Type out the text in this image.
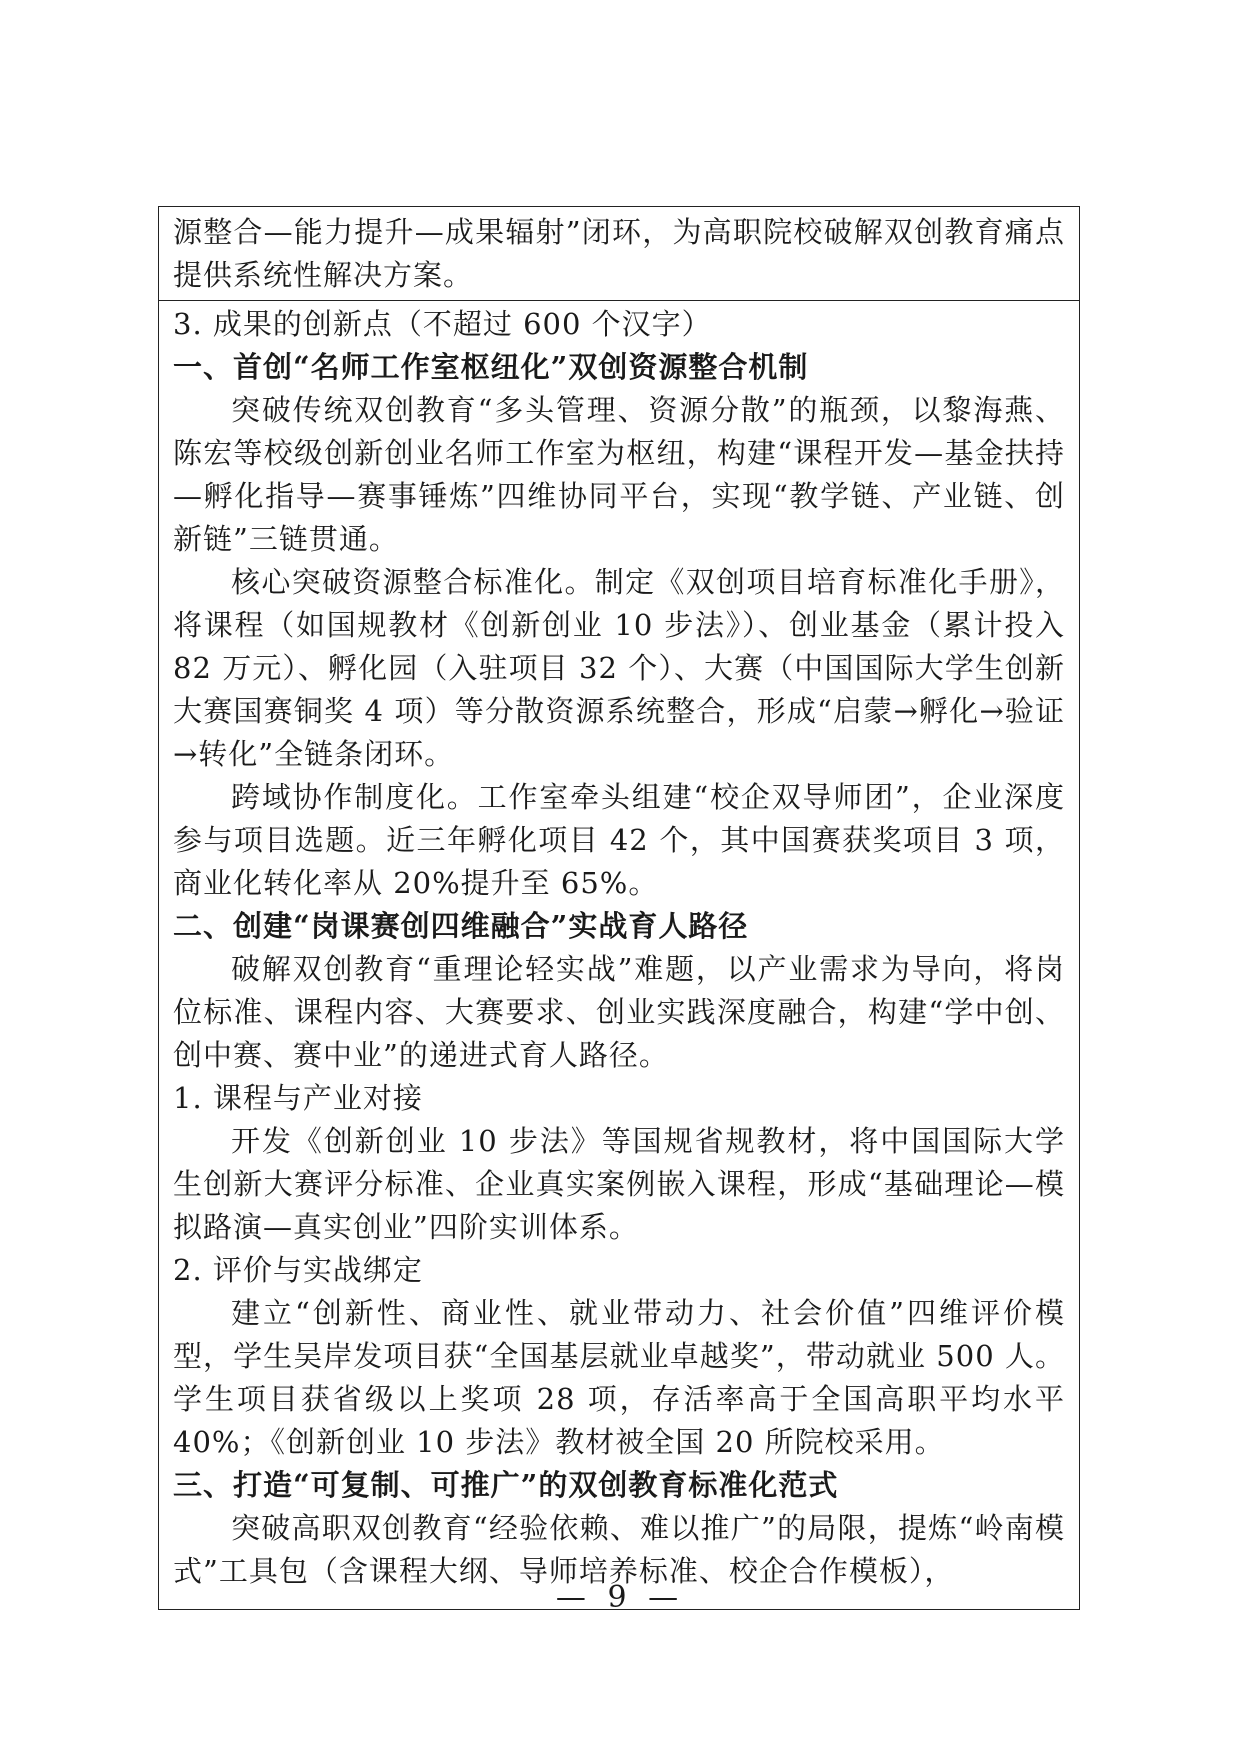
源整合—能力提升—成果辐射”闭环，为高职院校破解双创教育痛点提供系统性解决方案。

3. 成果的创新点（不超过 600 个汉字）

一、首创“名师工作室枢纽化”双创资源整合机制

突破传统双创教育“多头管理、资源分散”的瓶颈，以黎海燕、陈宏等校级创新创业名师工作室为枢纽，构建“课程开发—基金扶持—孵化指导—赛事锤炼”四维协同平台，实现“教学链、产业链、创新链”三链贯通。

核心突破资源整合标准化。制定《双创项目培育标准化手册》，将课程（如国规教材《创新创业 10 步法》）、创业基金（累计投入 82 万元）、孵化园（入驻项目 32 个）、大赛（中国国际大学生创新大赛国赛铜奖 4 项）等分散资源系统整合，形成“启蒙→孵化→验证→转化”全链条闭环。

跨域协作制度化。工作室牵头组建“校企双导师团”，企业深度参与项目选题。近三年孵化项目 42 个，其中国赛获奖项目 3 项，商业化转化率从 20%提升至 65%。

二、创建“岗课赛创四维融合”实战育人路径

破解双创教育“重理论轻实战”难题，以产业需求为导向，将岗位标准、课程内容、大赛要求、创业实践深度融合，构建“学中创、创中赛、赛中业”的递进式育人路径。

1. 课程与产业对接

开发《创新创业 10 步法》等国规省规教材，将中国国际大学生创新大赛评分标准、企业真实案例嵌入课程，形成“基础理论—模拟路演—真实创业”四阶实训体系。

2. 评价与实战绑定

建立“创新性、商业性、就业带动力、社会价值”四维评价模型，学生吴岸发项目获“全国基层就业卓越奖”，带动就业 500 人。学生项目获省级以上奖项 28 项，存活率高于全国高职平均水平 40%；《创新创业 10 步法》教材被全国 20 所院校采用。

三、打造“可复制、可推广”的双创教育标准化范式

突破高职双创教育“经验依赖、难以推广”的局限，提炼“岭南模式”工具包（含课程大纲、导师培养标准、校企合作模板），

— 9 —
